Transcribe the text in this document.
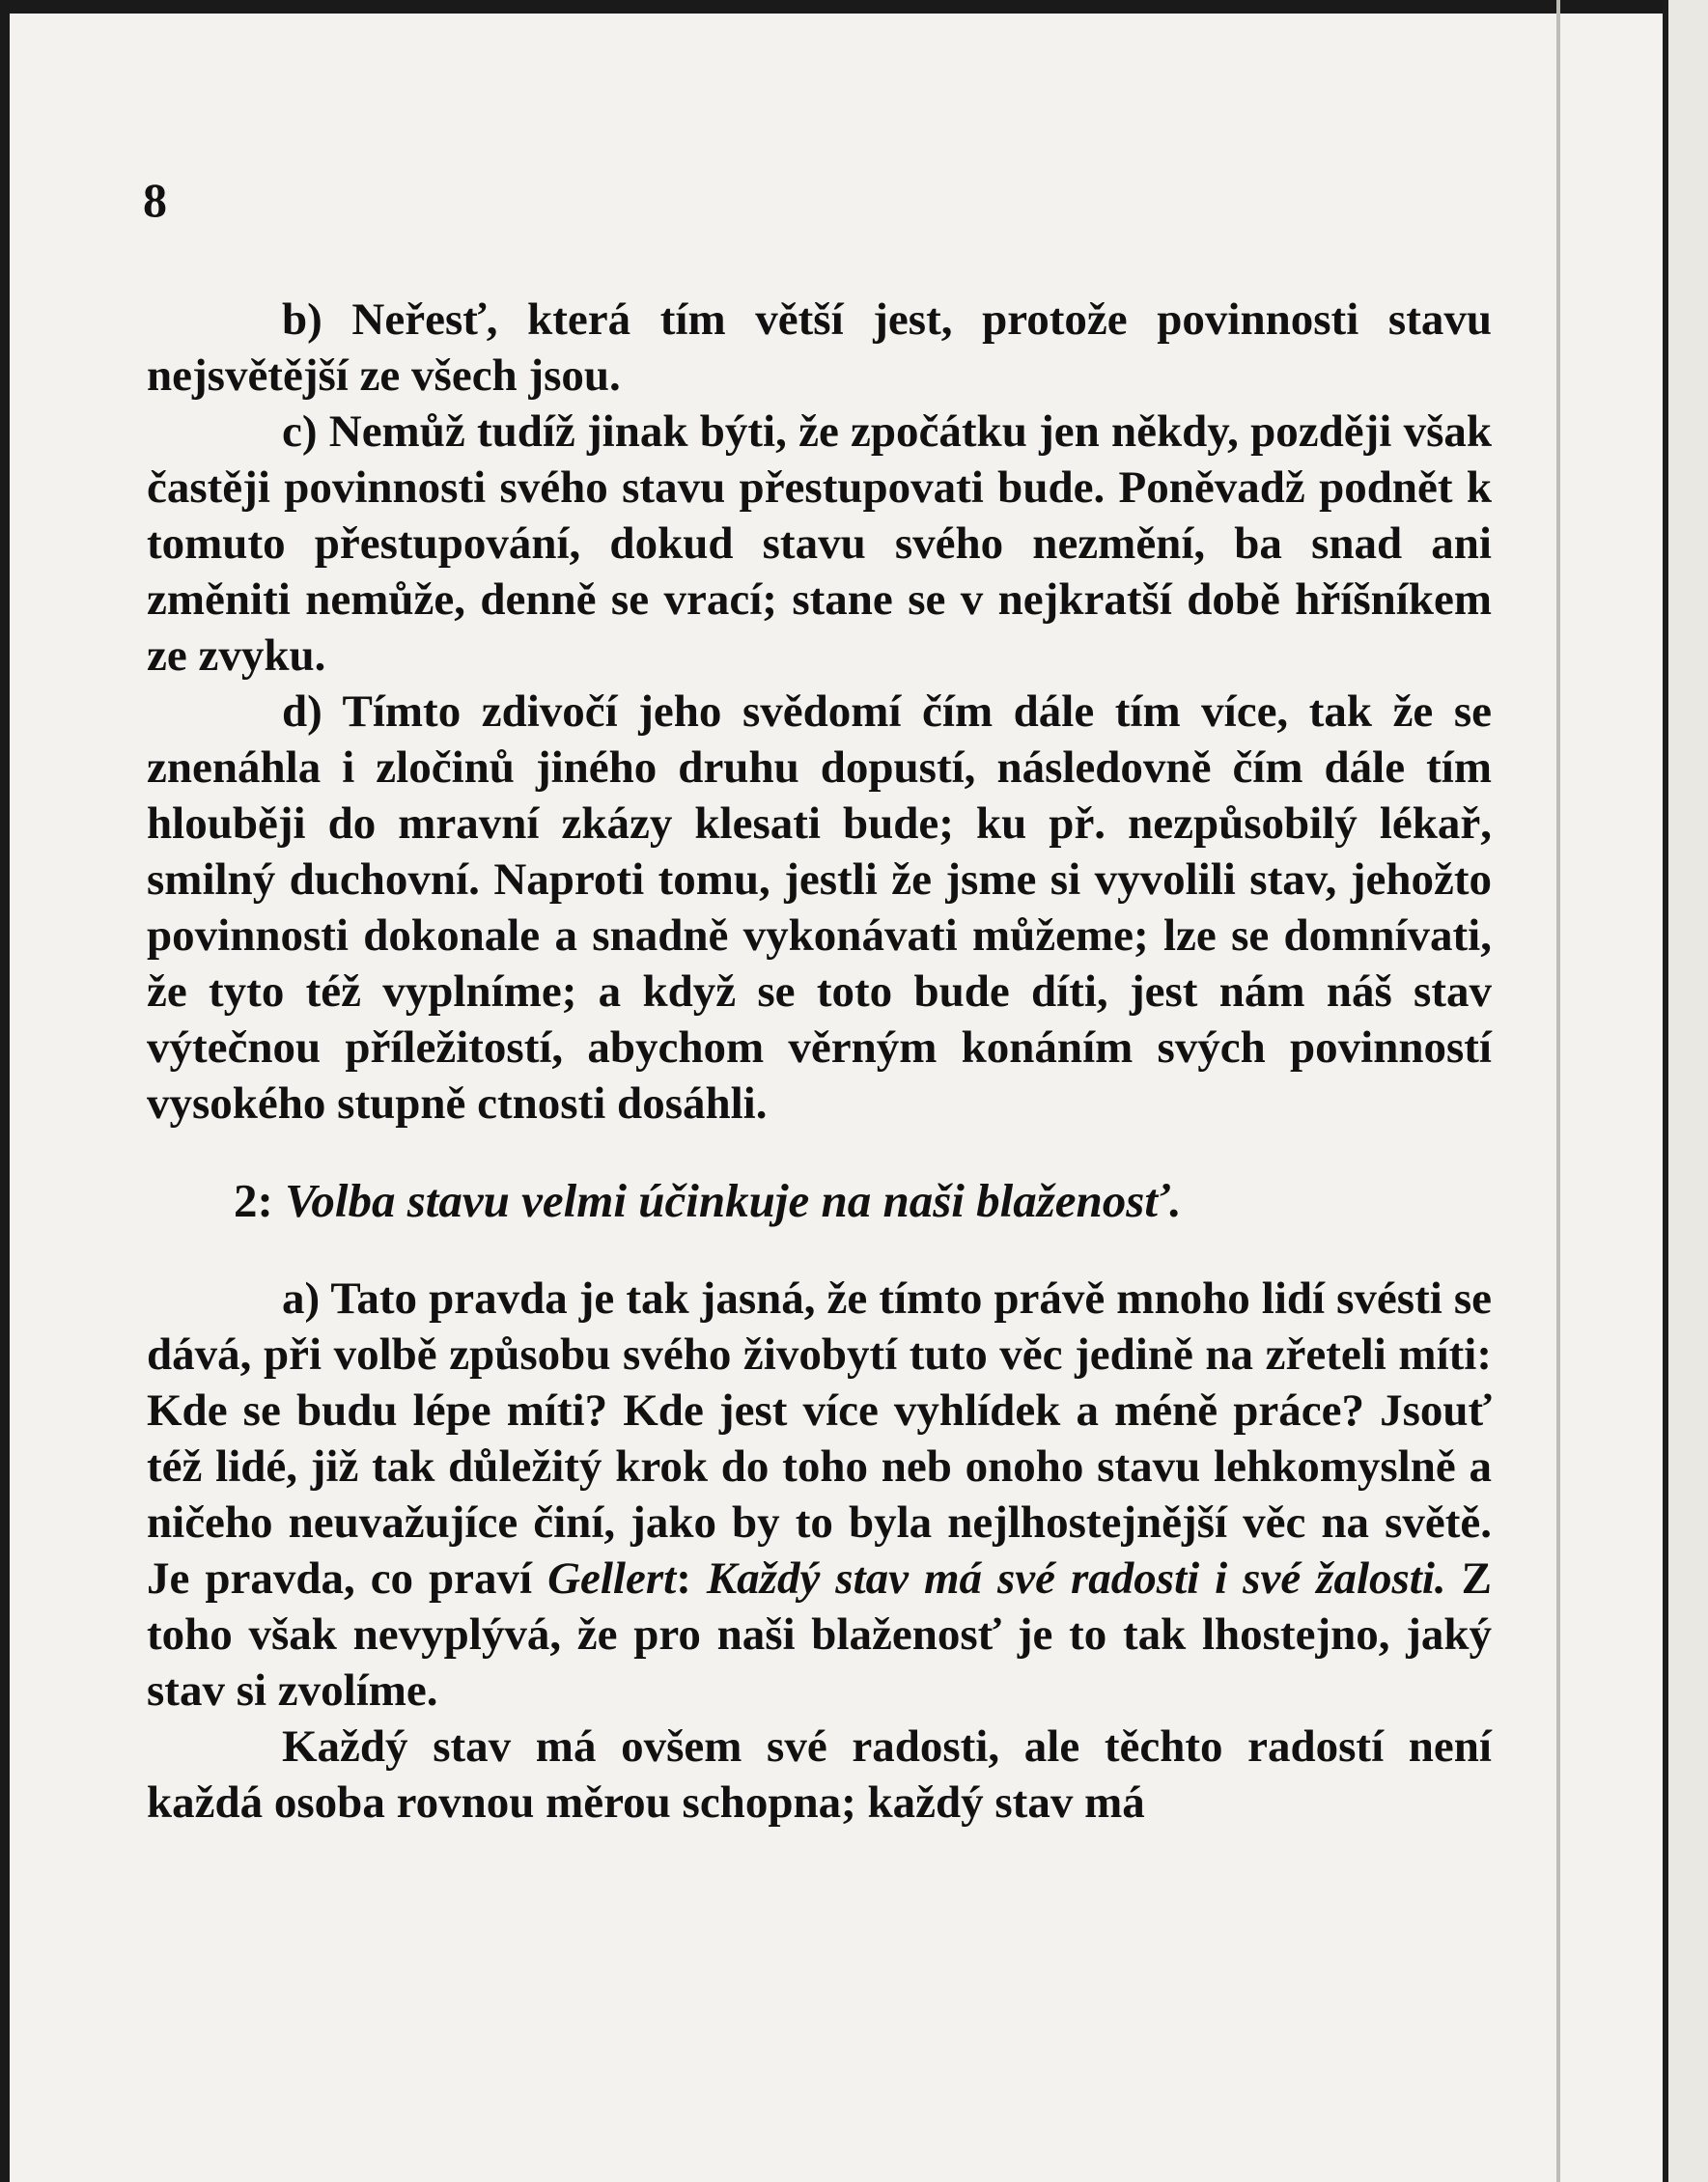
8

b) Neřesť, která tím větší jest, protože povinnosti stavu nejsvětější ze všech jsou.

c) Nemůž tudíž jinak býti, že zpočátku jen někdy, později však častěji povinnosti svého stavu přestupovati bude. Poněvadž podnět k tomuto přestupování, dokud stavu svého nezmění, ba snad ani změniti nemůže, denně se vrací; stane se v nejkratší době hříšníkem ze zvyku.

d) Tímto zdivočí jeho svědomí čím dále tím více, tak že se znenáhla i zločinů jiného druhu dopustí, následovně čím dále tím hlouběji do mravní zkázy klesati bude; ku př. nezpůsobilý lékař, smilný duchovní. Naproti tomu, jestli že jsme si vyvolili stav, jehožto povinnosti dokonale a snadně vykonávati můžeme; lze se domnívati, že tyto též vyplníme; a když se toto bude díti, jest nám náš stav výtečnou příležitostí, abychom věrným konáním svých povinností vysokého stupně ctnosti dosáhli.

2: Volba stavu velmi účinkuje na naši blaženosť.

a) Tato pravda je tak jasná, že tímto právě mnoho lidí svésti se dává, při volbě způsobu svého živobytí tuto věc jedině na zřeteli míti: Kde se budu lépe míti? Kde jest více vyhlídek a méně práce? Jsouť též lidé, již tak důležitý krok do toho neb onoho stavu lehkomyslně a ničeho neuvažujíce činí, jako by to byla nejlhostejnější věc na světě. Je pravda, co praví Gellert: Každý stav má své radosti i své žalosti. Z toho však nevyplývá, že pro naši blaženosť je to tak lhostejno, jaký stav si zvolíme.

Každý stav má ovšem své radosti, ale těchto radostí není každá osoba rovnou měrou schopna; každý stav má
